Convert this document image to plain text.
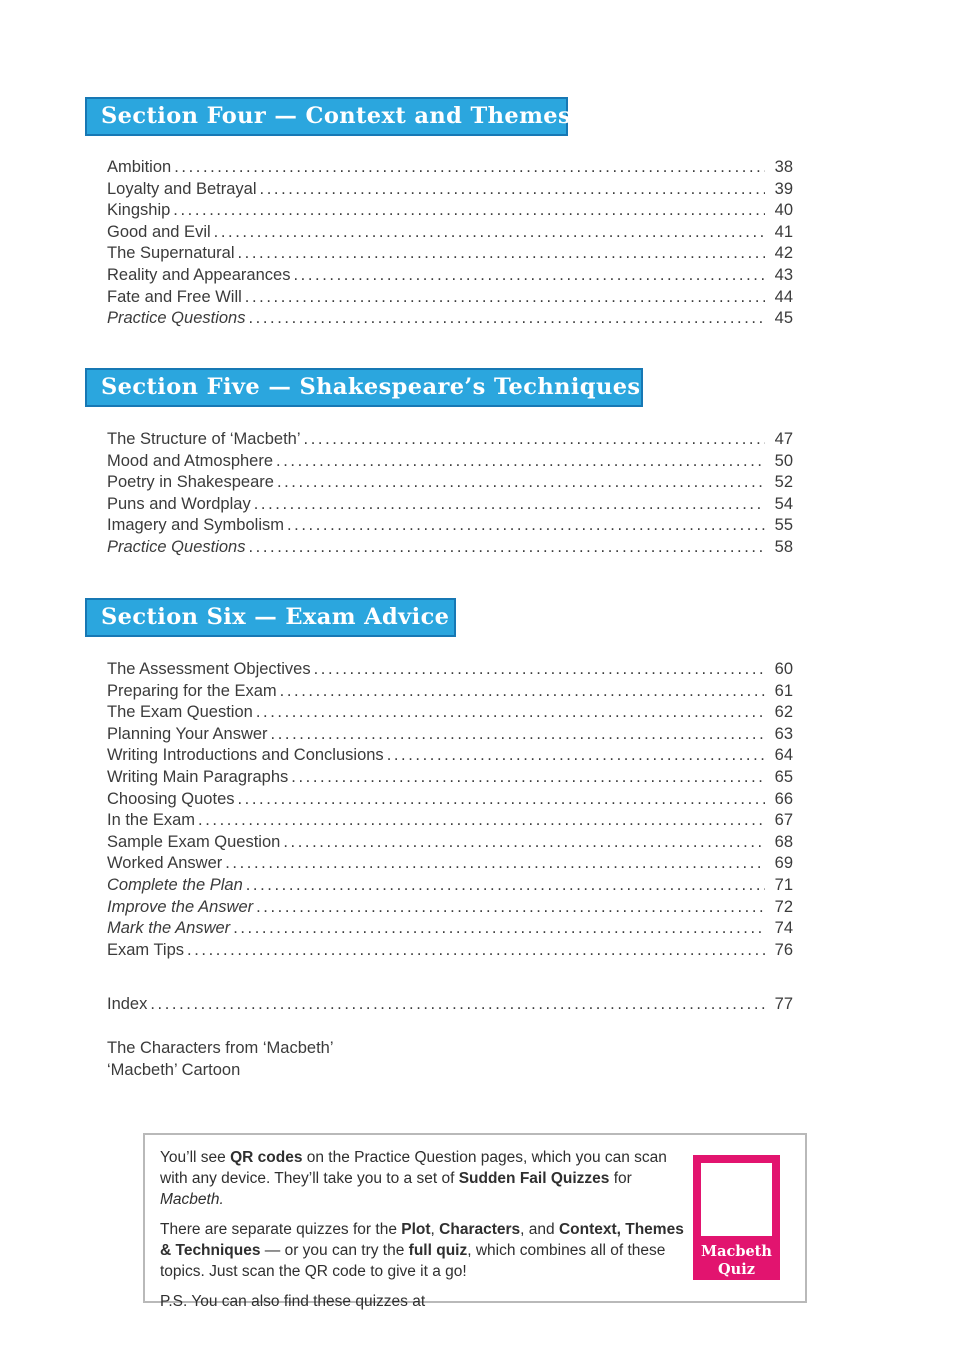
Section Four — Context and Themes
Ambition .....	38
Loyalty and Betrayal .....	39
Kingship .....	40
Good and Evil .....	41
The Supernatural .....	42
Reality and Appearances .....	43
Fate and Free Will .....	44
Practice Questions .....	45
Section Five — Shakespeare’s Techniques
The Structure of ‘Macbeth’ .....	47
Mood and Atmosphere .....	50
Poetry in Shakespeare .....	52
Puns and Wordplay .....	54
Imagery and Symbolism .....	55
Practice Questions .....	58
Section Six — Exam Advice
The Assessment Objectives .....	60
Preparing for the Exam .....	61
The Exam Question .....	62
Planning Your Answer .....	63
Writing Introductions and Conclusions .....	64
Writing Main Paragraphs .....	65
Choosing Quotes .....	66
In the Exam .....	67
Sample Exam Question .....	68
Worked Answer .....	69
Complete the Plan .....	71
Improve the Answer .....	72
Mark the Answer .....	74
Exam Tips .....	76
Index .....	77
The Characters from ‘Macbeth’
‘Macbeth’ Cartoon

You’ll see QR codes on the Practice Question pages, which you can scan with any device. They’ll take you to a set of Sudden Fail Quizzes for Macbeth.

There are separate quizzes for the Plot, Characters, and Context, Themes & Techniques — or you can try the full quiz, which combines all of these topics. Just scan the QR code to give it a go!

P.S. You can also find these quizzes at

Macbeth
Quiz
